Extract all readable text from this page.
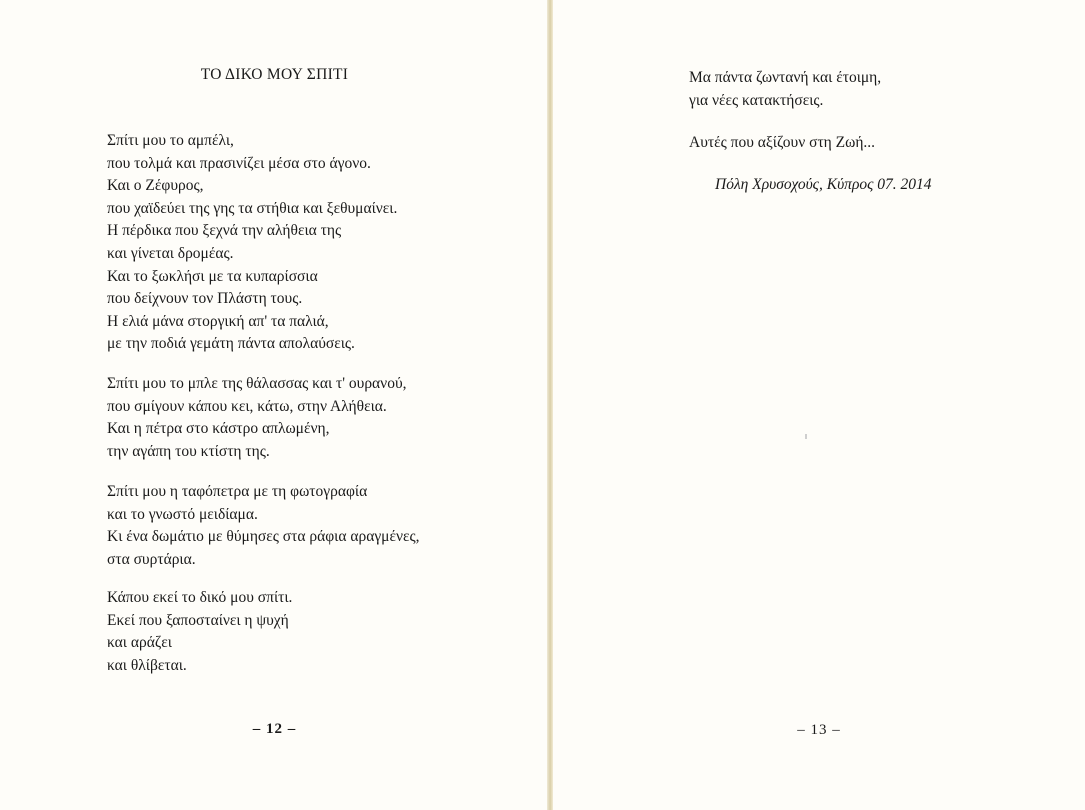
ΤΟ ΔΙΚΟ ΜΟΥ ΣΠΙΤΙ
Σπίτι μου το αμπέλι,
που τολμά και πρασινίζει μέσα στο άγονο.
Και ο Ζέφυρος,
που χαϊδεύει της γης τα στήθια και ξεθυμαίνει.
Η πέρδικα που ξεχνά την αλήθεια της
και γίνεται δρομέας.
Και το ξωκλήσι με τα κυπαρίσσια
που δείχνουν τον Πλάστη τους.
Η ελιά μάνα στοργική απ' τα παλιά,
με την ποδιά γεμάτη πάντα απολαύσεις.
Σπίτι μου το μπλε της θάλασσας και τ' ουρανού,
που σμίγουν κάπου κει, κάτω, στην Αλήθεια.
Και η πέτρα στο κάστρο απλωμένη,
την αγάπη του κτίστη της.
Σπίτι μου η ταφόπετρα με τη φωτογραφία
και το γνωστό μειδίαμα.
Κι ένα δωμάτιο με θύμησες στα ράφια αραγμένες,
στα συρτάρια.
Κάπου εκεί το δικό μου σπίτι.
Εκεί που ξαποσταίνει η ψυχή
και αράζει
και θλίβεται.
– 12 –
Μα πάντα ζωντανή και έτοιμη,
για νέες κατακτήσεις.
Αυτές που αξίζουν στη Ζωή...
Πόλη Χρυσοχούς, Κύπρος 07. 2014
– 13 –
